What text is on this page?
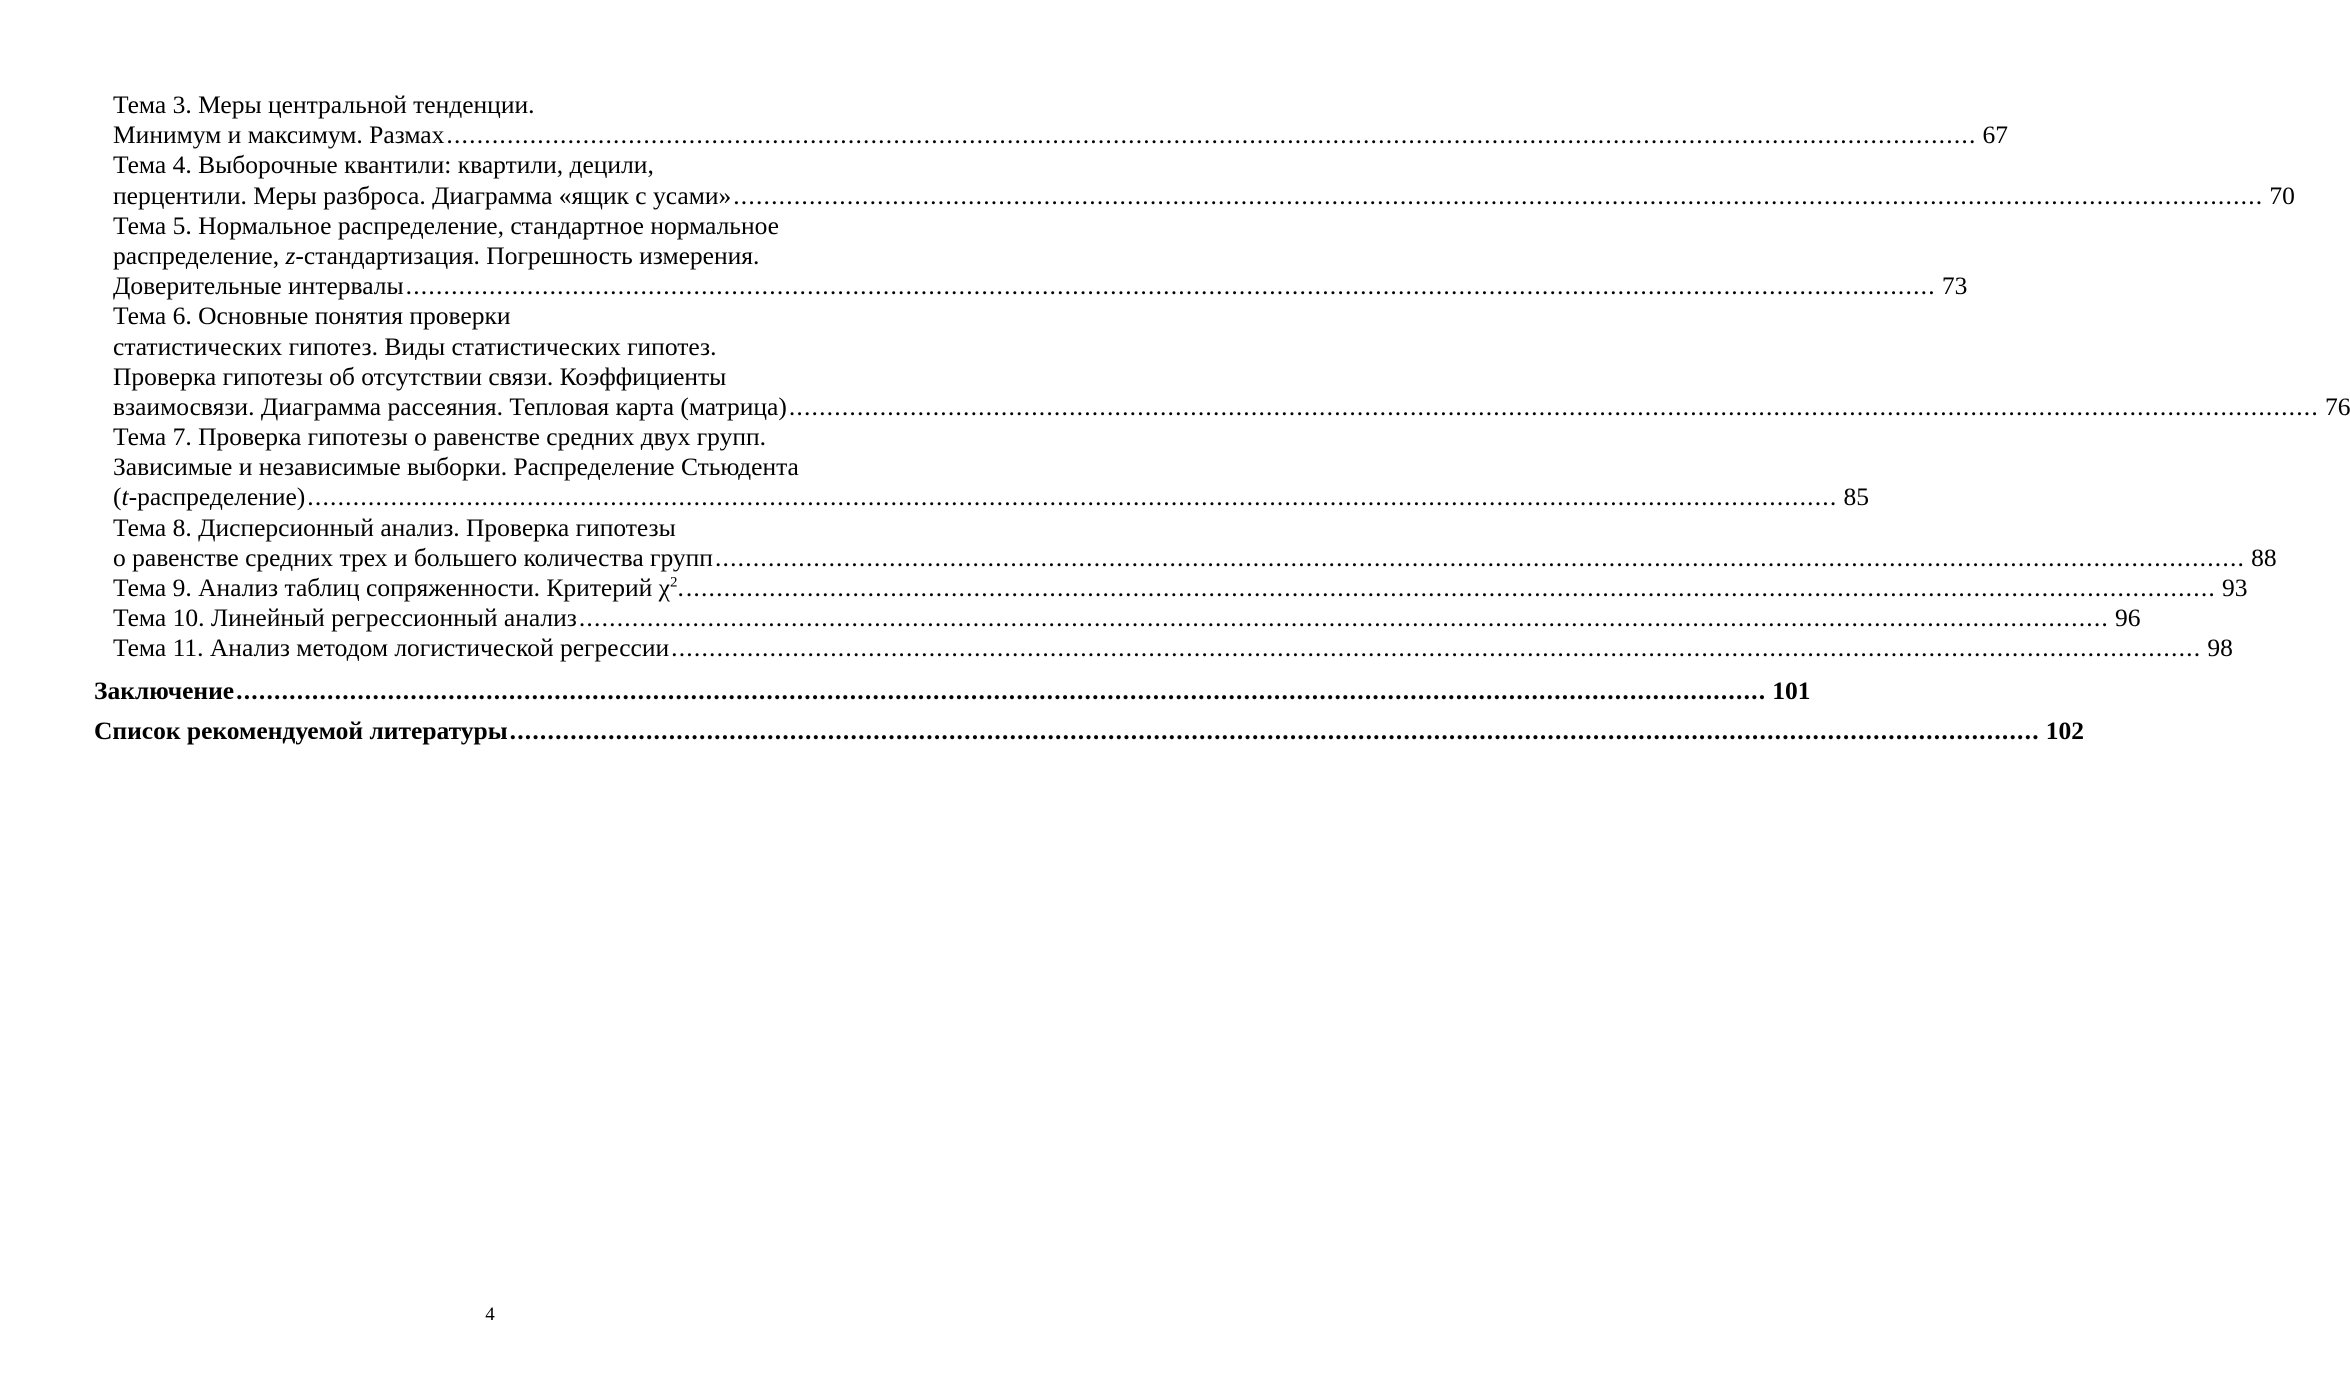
Тема 3. Меры центральной тенденции.
Минимум и максимум. Размах .......................................................................................................................................................................................................... 67
Тема 4. Выборочные квантили: квартили, децили,
перцентили. Меры разброса. Диаграмма «ящик с усами» .......................................................................................................................................................................................................... 70
Тема 5. Нормальное распределение, стандартное нормальное
распределение, z-стандартизация. Погрешность измерения.
Доверительные интервалы .......................................................................................................................................................................................................... 73
Тема 6. Основные понятия проверки
статистических гипотез. Виды статистических гипотез.
Проверка гипотезы об отсутствии связи. Коэффициенты
взаимосвязи. Диаграмма рассеяния. Тепловая карта (матрица) .......................................................................................................................................................................................................... 76
Тема 7. Проверка гипотезы о равенстве средних двух групп.
Зависимые и независимые выборки. Распределение Стьюдента
(t-распределение) .......................................................................................................................................................................................................... 85
Тема 8. Дисперсионный анализ. Проверка гипотезы
о равенстве средних трех и большего количества групп .......................................................................................................................................................................................................... 88
Тема 9. Анализ таблиц сопряженности. Критерий $\chi^2$. .......................................................................................................................................................................................................... 93
Тема 10. Линейный регрессионный анализ .......................................................................................................................................................................................................... 96
Тема 11. Анализ методом логистической регрессии .......................................................................................................................................................................................................... 98
Заключение .......................................................................................................................................................................................................... 101
Список рекомендуемой литературы .......................................................................................................................................................................................................... 102
4
